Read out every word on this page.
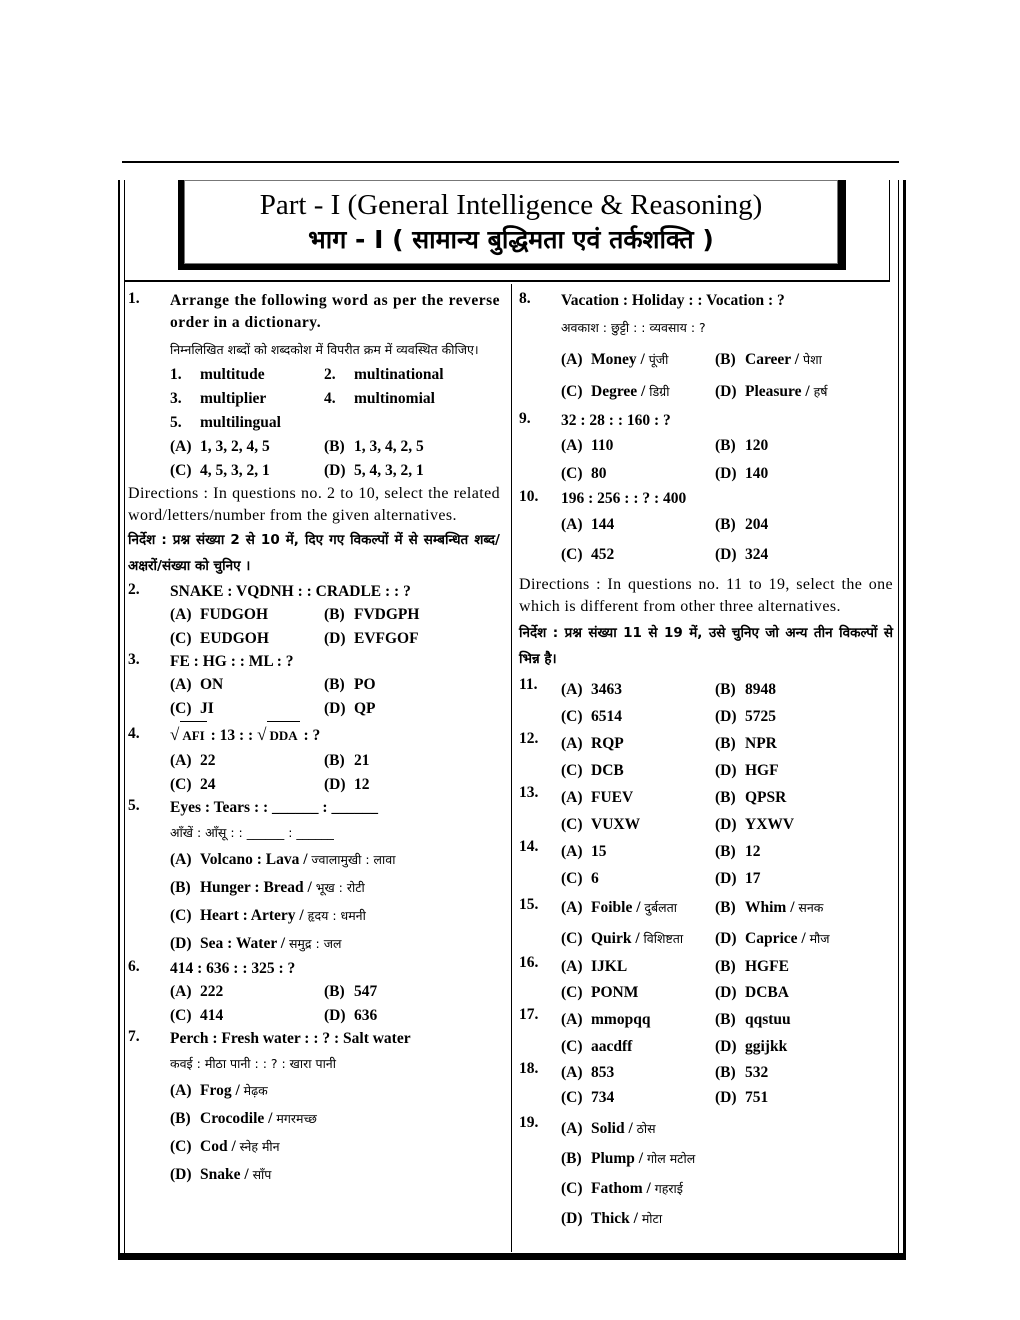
Part - I (General Intelligence & Reasoning)
भाग - I ( सामान्य बुद्धिमता एवं तर्कशक्ति )
1. Arrange the following word as per the reverse order in a dictionary.
निम्नलिखित शब्दों को शब्दकोश में विपरीत क्रम में व्यवस्थित कीजिए।
1. multitude	2. multinational
3. multiplier	4. multinomial
5. multilingual
(A) 1, 3, 2, 4, 5	(B) 1, 3, 4, 2, 5
(C) 4, 5, 3, 2, 1	(D) 5, 4, 3, 2, 1
Directions : In questions no. 2 to 10, select the related word/letters/number from the given alternatives.
निर्देश : प्रश्न संख्या 2 से 10 में, दिए गए विकल्पों में से सम्बन्धित शब्द/अक्षरों/संख्या को चुनिए ।
2. SNAKE : VQDNH : : CRADLE : : ?
(A) FUDGOH	(B) FVDGPH
(C) EUDGOH	(D) EVFGOF
3. FE : HG : : ML : ?
(A) ON	(B) PO
(C) JI	(D) QP
4. √ AFI : 13 : : √ DDA : ?
(A) 22	(B) 21
(C) 24	(D) 12
5. Eyes : Tears : : ______ : ______
आँखें : आँसू : : ______ : ______
(A) Volcano : Lava / ज्वालामुखी : लावा
(B) Hunger : Bread / भूख : रोटी
(C) Heart : Artery / हृदय : धमनी
(D) Sea : Water / समुद्र : जल
6. 414 : 636 : : 325 : ?
(A) 222	(B) 547
(C) 414	(D) 636
7. Perch : Fresh water : : ? : Salt water
कवई : मीठा पानी : : ? : खारा पानी
(A) Frog / मेढ़क
(B) Crocodile / मगरमच्छ
(C) Cod / स्नेह मीन
(D) Snake / साँप
8. Vacation : Holiday : : Vocation : ?
अवकाश : छुट्टी : : व्यवसाय : ?
(A) Money / पूंजी	(B) Career / पेशा
(C) Degree / डिग्री	(D) Pleasure / हर्ष
9. 32 : 28 : : 160 : ?
(A) 110	(B) 120
(C) 80	(D) 140
10. 196 : 256 : : ? : 400
(A) 144	(B) 204
(C) 452	(D) 324
Directions : In questions no. 11 to 19, select the one which is different from other three alternatives.
निर्देश : प्रश्न संख्या 11 से 19 में, उसे चुनिए जो अन्य तीन विकल्पों से भिन्न है।
11. (A) 3463	(B) 8948
(C) 6514	(D) 5725
12. (A) RQP	(B) NPR
(C) DCB	(D) HGF
13. (A) FUEV	(B) QPSR
(C) VUXW	(D) YXWV
14. (A) 15	(B) 12
(C) 6	(D) 17
15. (A) Foible / दुर्बलता	(B) Whim / सनक
(C) Quirk / विशिष्टता	(D) Caprice / मौज
16. (A) IJKL	(B) HGFE
(C) PONM	(D) DCBA
17. (A) mmopqq	(B) qqstuu
(C) aacdff	(D) ggijkk
18. (A) 853	(B) 532
(C) 734	(D) 751
19. (A) Solid / ठोस
(B) Plump / गोल मटोल
(C) Fathom / गहराई
(D) Thick / मोटा
